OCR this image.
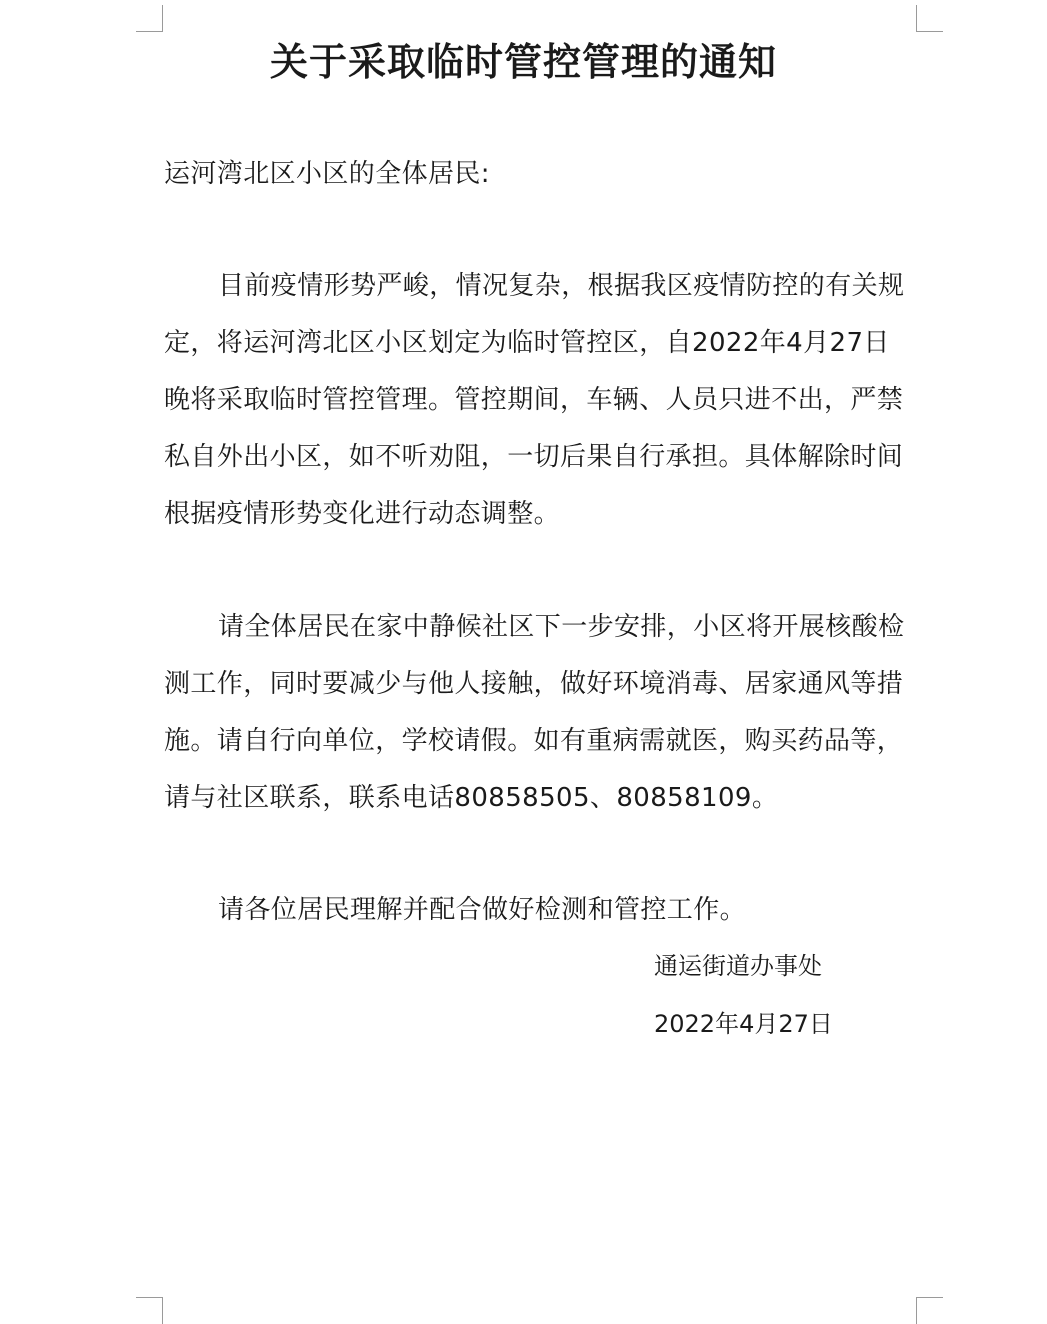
关于采取临时管控管理的通知
运河湾北区小区的全体居民:
目前疫情形势严峻，情况复杂，根据我区疫情防控的有关规定，将运河湾北区小区划定为临时管控区，自2022年4月27日晚将采取临时管控管理。管控期间，车辆、人员只进不出，严禁私自外出小区，如不听劝阻，一切后果自行承担。具体解除时间根据疫情形势变化进行动态调整。
请全体居民在家中静候社区下一步安排，小区将开展核酸检测工作，同时要减少与他人接触，做好环境消毒、居家通风等措施。请自行向单位，学校请假。如有重病需就医，购买药品等，请与社区联系，联系电话80858505、80858109。
请各位居民理解并配合做好检测和管控工作。
通运街道办事处
2022年4月27日
